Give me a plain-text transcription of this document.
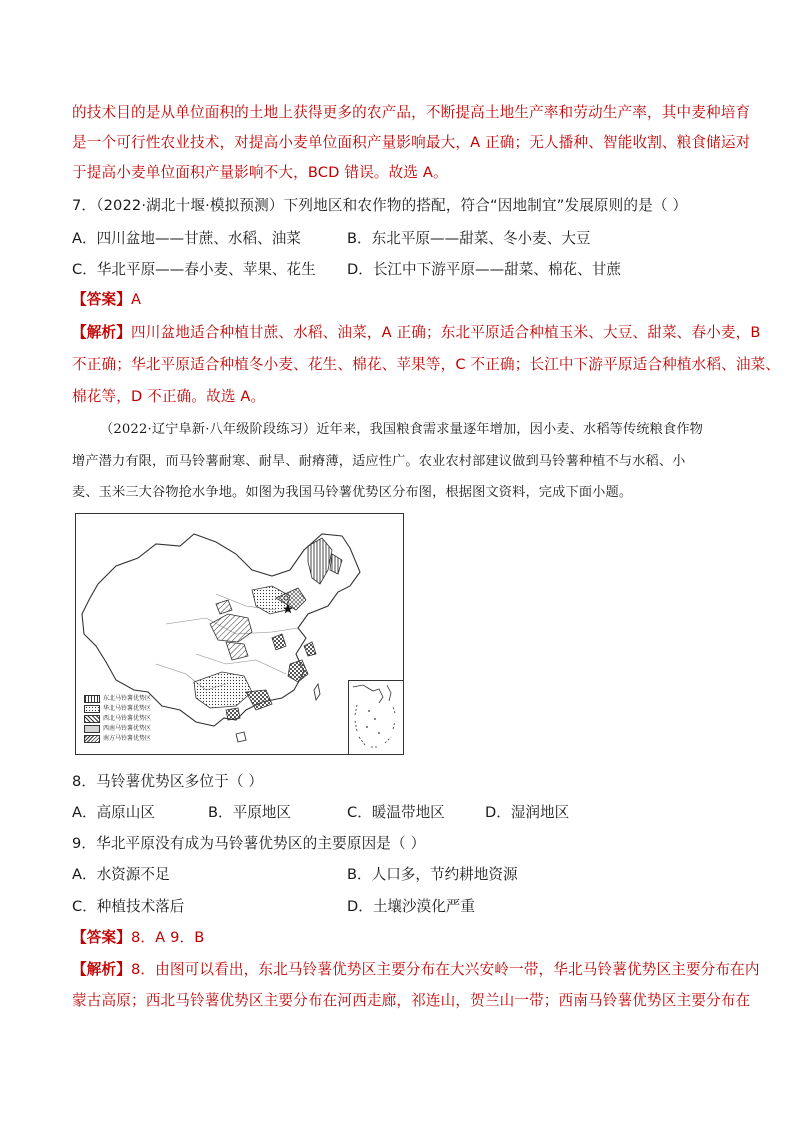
的技术目的是从单位面积的土地上获得更多的农产品，不断提高土地生产率和劳动生产率，其中麦种培育
是一个可行性农业技术，对提高小麦单位面积产量影响最大，A 正确；无人播种、智能收割、粮食储运对
于提高小麦单位面积产量影响不大，BCD 错误。故选 A。
7．（2022·湖北十堰·模拟预测）下列地区和农作物的搭配，符合“因地制宜”发展原则的是（ ）
A．四川盆地——甘蔗、水稻、油菜	B．东北平原——甜菜、冬小麦、大豆
C．华北平原——春小麦、苹果、花生 D．长江中下游平原——甜菜、棉花、甘蔗
【答案】A
【解析】四川盆地适合种植甘蔗、水稻、油菜，A 正确；东北平原适合种植玉米、大豆、甜菜、春小麦，B
不正确；华北平原适合种植冬小麦、花生、棉花、苹果等，C 不正确；长江中下游平原适合种植水稻、油菜、
棉花等，D 不正确。故选 A。
（2022·辽宁阜新·八年级阶段练习）近年来，我国粮食需求量逐年增加，因小麦、水稻等传统粮食作物
增产潜力有限，而马铃薯耐寒、耐旱、耐瘠薄，适应性广。农业农村部建议做到马铃薯种植不与水稻、小
麦、玉米三大谷物抢水争地。如图为我国马铃薯优势区分布图，根据图文资料，完成下面小题。
东北马铃薯优势区
华北马铃薯优势区
西北马铃薯优势区
西南马铃薯优势区
南方马铃薯优势区
8．马铃薯优势区多位于（ ）
A．高原山区	B．平原地区	C．暖温带地区	D．湿润地区
9．华北平原没有成为马铃薯优势区的主要原因是（ ）
A．水资源不足	B．人口多，节约耕地资源
C．种植技术落后	D．土壤沙漠化严重
【答案】8．A 9．B
【解析】8．由图可以看出，东北马铃薯优势区主要分布在大兴安岭一带，华北马铃薯优势区主要分布在内
蒙古高原；西北马铃薯优势区主要分布在河西走廊，祁连山，贺兰山一带；西南马铃薯优势区主要分布在
